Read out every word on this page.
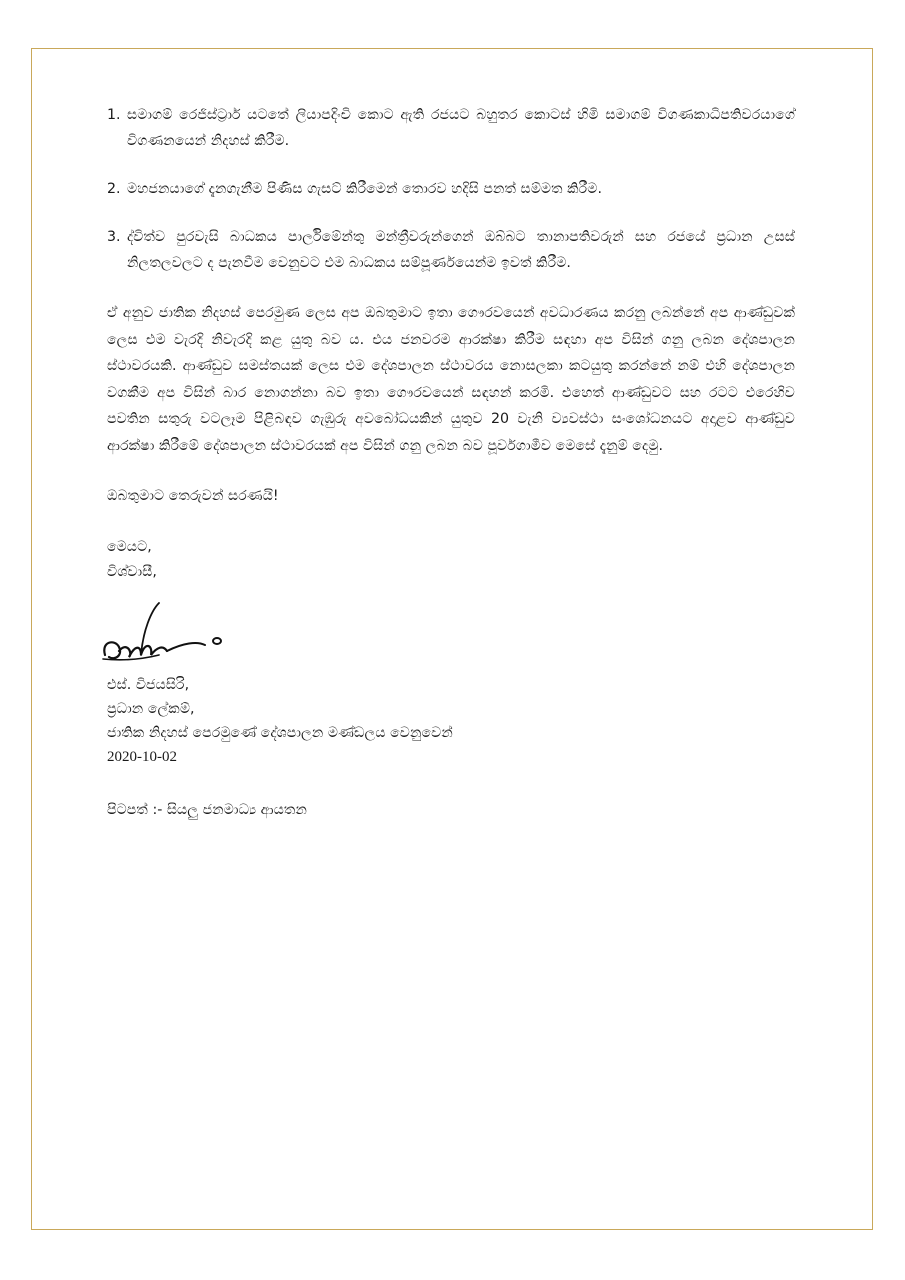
1. සමාගම් රෙජිස්ට්‍රාර් යටතේ ලියාපදිංචි කොට ඇති රජයට බහුතර කොටස් හිමි සමාගම් විගණකාධිපතිවරයාගේ විගණනයෙන් නිදහස් කිරීම.
2. මහජනයාගේ දැනගැනීම පිණිස ගැසට් කිරීමෙන් තොරව හදිසි පනත් සම්මත කිරීම.
3. ද්විත්ව පුරවැසි බාධකය පාර්ලිමේන්තු මන්ත්‍රීවරුන්ගෙන් ඔබ්බට තානාපතිවරුන් සහ රජයේ ප්‍රධාන උසස් නිලතලවලට ද පැනවීම වෙනුවට එම බාධකය සම්පූර්ණයෙන්ම ඉවත් කිරීම.
ඒ අනුව ජාතික නිදහස් පෙරමුණ ලෙස අප ඔබතුමාට ඉතා ගෞරවයෙන් අවධාරණය කරනු ලබන්නේ අප ආණ්ඩුවක් ලෙස එම වැරදි නිවැරදි කළ යුතු බව ය. එය ජනවරම ආරක්ෂා කිරීම සඳහා අප විසින් ගනු ලබන දේශපාලන ස්ථාවරයකි. ආණ්ඩුව සමස්තයක් ලෙස එම දේශපාලන ස්ථාවරය නොසලකා කටයුතු කරන්නේ නම් එහි දේශපාලන වගකීම අප විසින් බාර නොගන්නා බව ඉතා ගෞරවයෙන් සඳහන් කරමි. එහෙත් ආණ්ඩුවට සහ රටට එරෙහිව පවතින සතුරු වටලෑම පිළිබඳව ගැඹුරු අවබෝධයකින් යුතුව 20 වැනි ව්‍යවස්ථා සංශෝධනයට අදාළව ආණ්ඩුව ආරක්ෂා කිරීමේ දේශපාලන ස්ථාවරයක් අප විසින් ගනු ලබන බව පූර්වගාමීව මෙසේ දැනුම් දෙමු.
ඔබතුමාට තෙරුවන් සරණයි!
මෙයට,
විශ්වාසී,
එස්. විජයසිරි,
ප්‍රධාන ලේකම්,
ජාතික නිදහස් පෙරමුණේ දේශපාලන මණ්ඩලය වෙනුවෙන්
2020-10-02
පිටපත් :- සියලු ජනමාධ්‍ය ආයතන
